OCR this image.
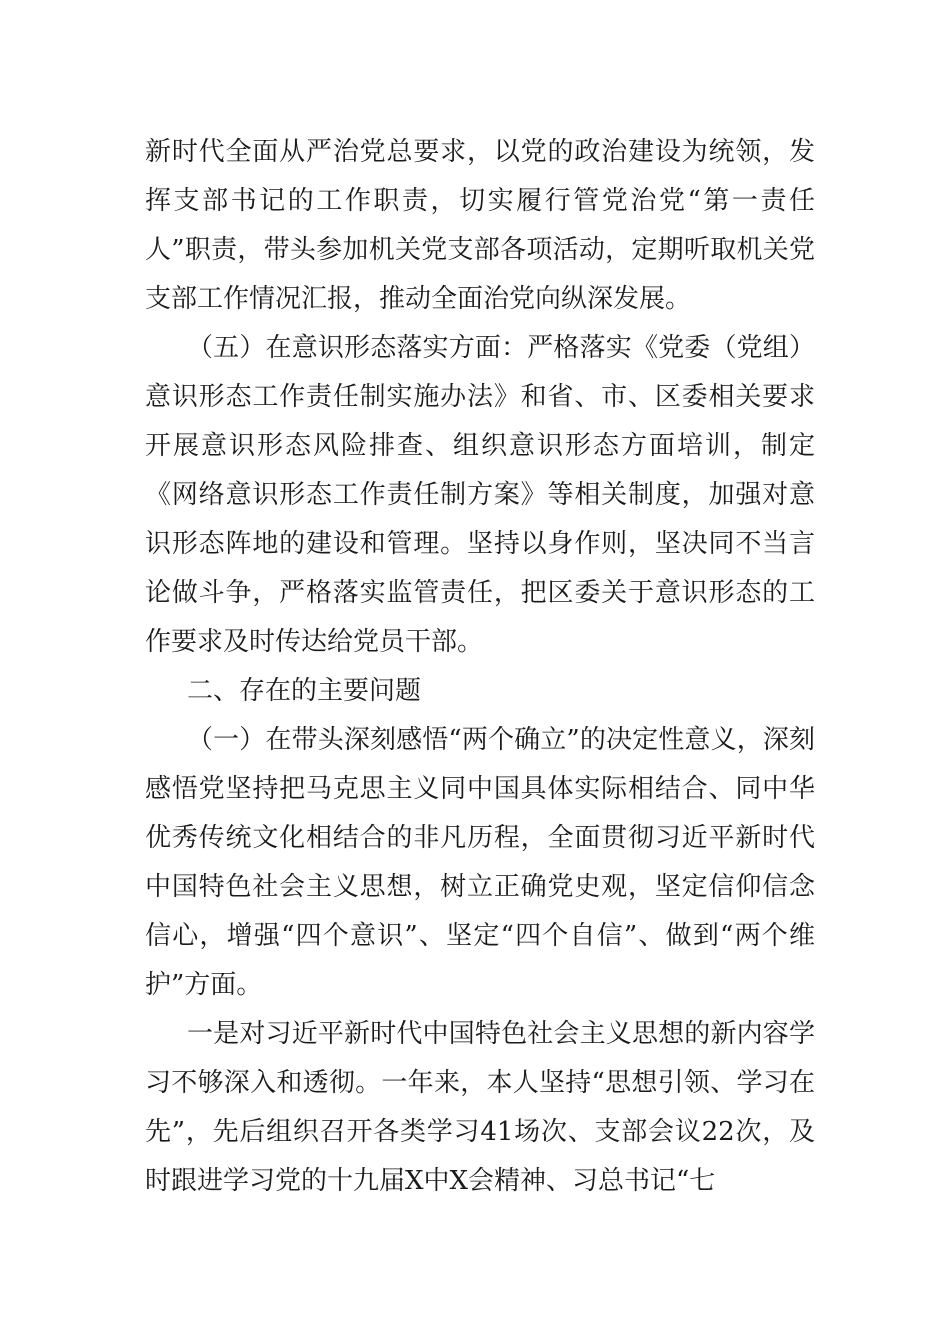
新时代全面从严治党总要求，以党的政治建设为统领，发挥支部书记的工作职责，切实履行管党治党“第一责任人”职责，带头参加机关党支部各项活动，定期听取机关党支部工作情况汇报，推动全面治党向纵深发展。

（五）在意识形态落实方面：严格落实《党委（党组）意识形态工作责任制实施办法》和省、市、区委相关要求开展意识形态风险排查、组织意识形态方面培训，制定《网络意识形态工作责任制方案》等相关制度，加强对意识形态阵地的建设和管理。坚持以身作则，坚决同不当言论做斗争，严格落实监管责任，把区委关于意识形态的工作要求及时传达给党员干部。

二、存在的主要问题

（一）在带头深刻感悟“两个确立”的决定性意义，深刻感悟党坚持把马克思主义同中国具体实际相结合、同中华优秀传统文化相结合的非凡历程，全面贯彻习近平新时代中国特色社会主义思想，树立正确党史观，坚定信仰信念信心，增强“四个意识”、坚定“四个自信”、做到“两个维护”方面。

一是对习近平新时代中国特色社会主义思想的新内容学习不够深入和透彻。一年来，本人坚持“思想引领、学习在先”，先后组织召开各类学习41场次、支部会议22次，及时跟进学习党的十九届X中X会精神、习总书记“七
